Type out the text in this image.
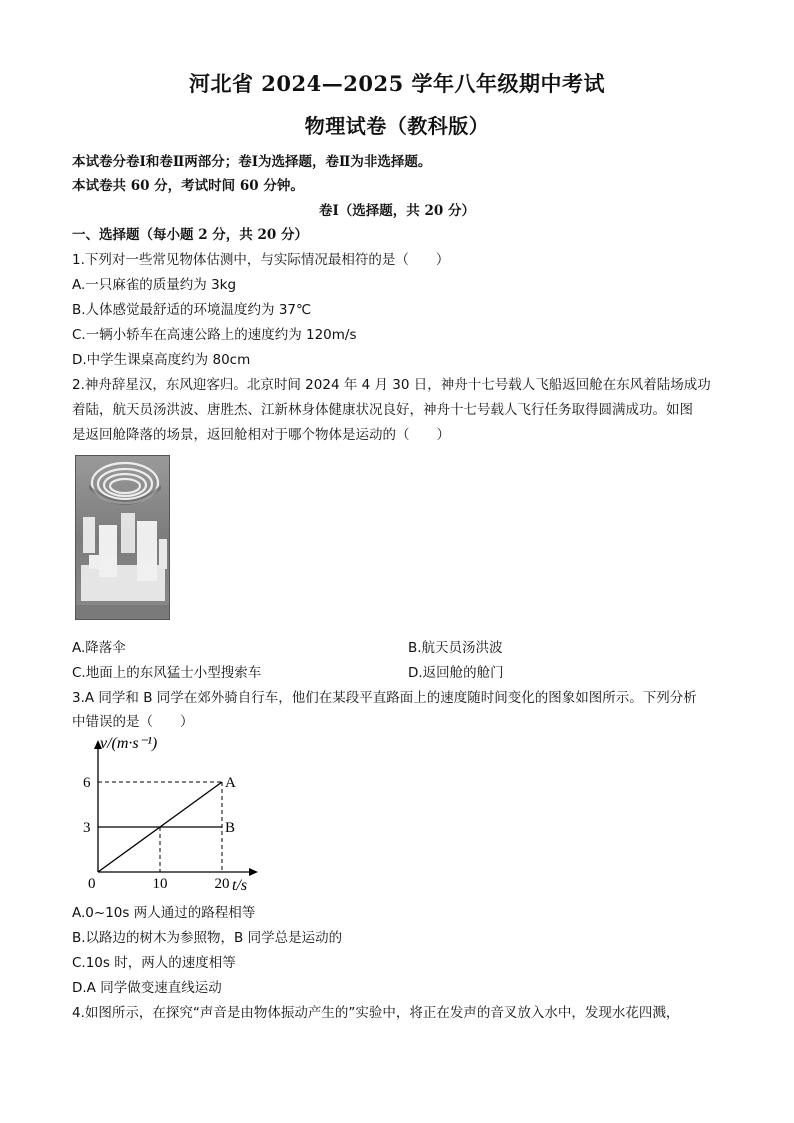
河北省 2024—2025 学年八年级期中考试
物理试卷（教科版）
本试卷分卷Ⅰ和卷Ⅱ两部分；卷Ⅰ为选择题，卷Ⅱ为非选择题。
本试卷共 60 分，考试时间 60 分钟。
卷Ⅰ（选择题，共 20 分）
一、选择题（每小题 2 分，共 20 分）
1.下列对一些常见物体估测中，与实际情况最相符的是（　　）
A.一只麻雀的质量约为 3kg
B.人体感觉最舒适的环境温度约为 37℃
C.一辆小轿车在高速公路上的速度约为 120m/s
D.中学生课桌高度约为 80cm
2.神舟辞星汉，东风迎客归。北京时间 2024 年 4 月 30 日，神舟十七号载人飞船返回舱在东风着陆场成功
着陆，航天员汤洪波、唐胜杰、江新林身体健康状况良好，神舟十七号载人飞行任务取得圆满成功。如图
是返回舱降落的场景，返回舱相对于哪个物体是运动的（　　）
A.降落伞	B.航天员汤洪波
C.地面上的东风猛士小型搜索车	D.返回舱的舱门
3.A 同学和 B 同学在郊外骑自行车，他们在某段平直路面上的速度随时间变化的图象如图所示。下列分析
中错误的是（　　）
v/(m·s⁻¹)
0	10	20 t/s
6
3
A
B
A.0~10s 两人通过的路程相等
B.以路边的树木为参照物，B 同学总是运动的
C.10s 时，两人的速度相等
D.A 同学做变速直线运动
4.如图所示，在探究“声音是由物体振动产生的”实验中，将正在发声的音叉放入水中，发现水花四溅，
